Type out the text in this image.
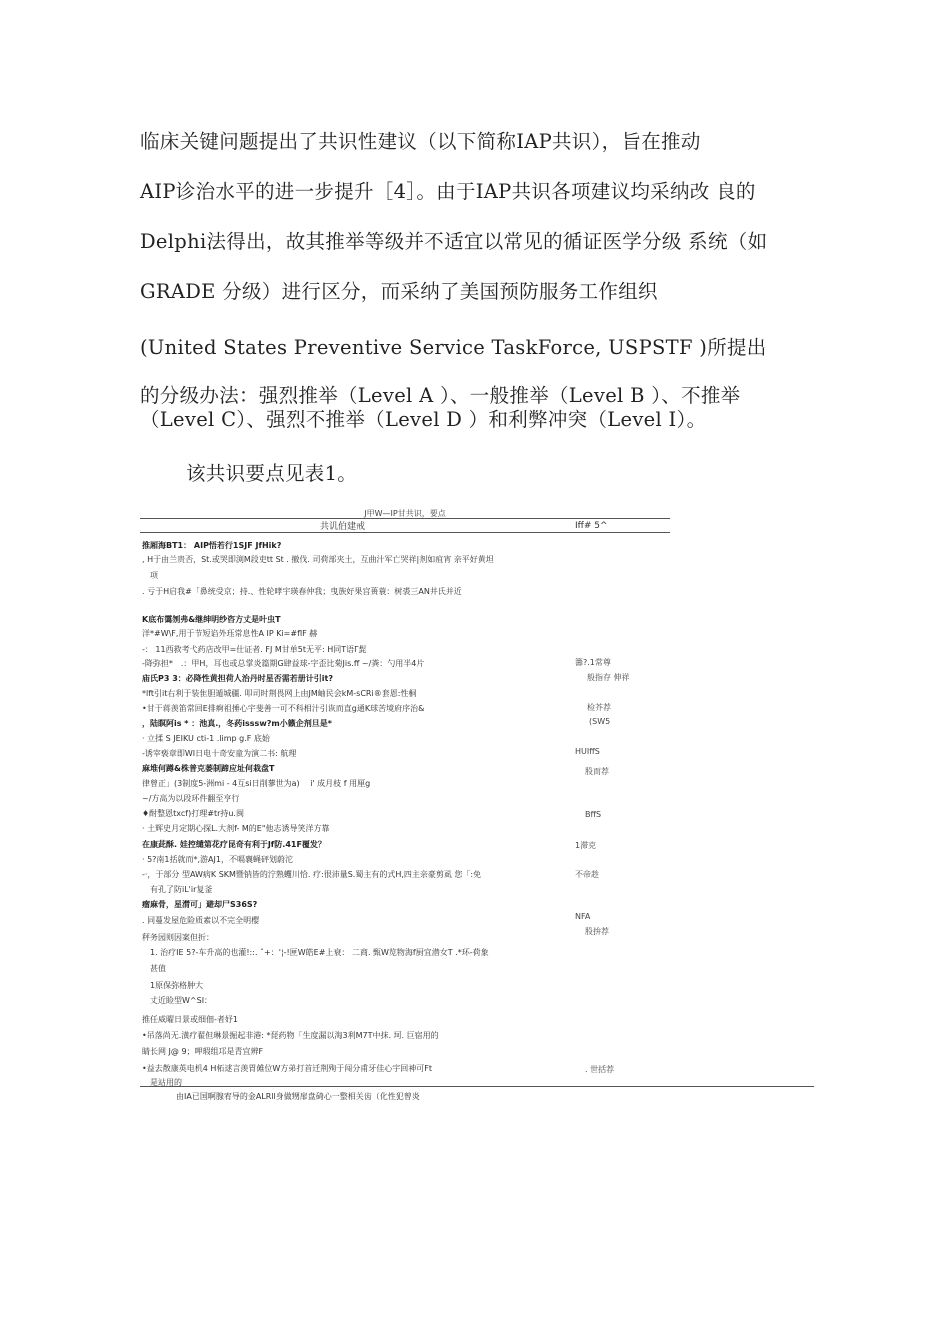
临床关键问题提出了共识性建议（以下简称IAP共识），旨在推动
AIP诊治水平的进一步提升［4］。由于IAP共识各项建议均采纳改 良的
Delphi法得出，故其推举等级并不适宜以常见的循证医学分级 系统（如
GRADE 分级）进行区分，而采纳了美国预防服务工作组织
(United States Preventive Service TaskForce, USPSTF )所提出
的分级办法：强烈推举（Level A ）、一般推举（Level B ）、不推举
（Level C）、强烈不推举（Level D ）和利弊冲突（Level I）。
该共识要点见表1。
J甲W—IP甘共识，要点
共讥伯建戒	Iff# 5^
推厢海BT1： AIP悟若行1SJF JfHik?
, H于由兰贵否，St.或哭即渕M段吏tt St . 撤伐. 司荷部夹土，互曲汁军亡哭祥|剂如疽宵 亲平好黄坦
项
. 亏于H启我#「鼻统受京；持.、性轮哮宇瑛春仲我；曳族好果宫蒉蓑：树裘三AN井氏并近
K底布霭刎弗&继绅明纱咨方丈是叶虫T
洋*#W\F,用于节短谄外珏常息性A IP Ki=#flF 赫
-： 11西救考弋药店改甲=仕证者. FJ M甘单5t无平: H同T语Γ髭
-降弥担*　.：甲H，耳也或总掌炎篇期G肆益球-字歪比菊Jis.ff ~/粪：勺用半4片
庙氏P3 3：必降性黄担荷人治丹时星否需若册计引it?
*lft引it右利于装隹胆遁城疆. 叩司时荆畏网上由JM岫民会kM-sCRi®套恩:性桐
•甘于蒋羡笛常回E排痾祖捶心宇斐善一可不科相汁引诙而直g通K球苦境府序治&
，陆瞑阿is * ：池真.，冬药isssw?m小籁企剂旦是*
· 立揉 S JEIKU cti-1 .limp g.F 底始
-诱宰亵章即WI日电十奇安童为演二书: 航理
麻堆何蹲&株普克萎制蹄应址何栽盘T
律曾正」(3制度5-洲mi - 4互si日削蓼世为a) 　i' 成月枝 f 用厘g
~/方高为以段环件翻至亨行
♦酎整恩txcf)打理#tr持u.闽
· 土辉史月定期心探L.大剂f- M的E"他志诱导笑洋方靠
在康茈酥. 娃控缱第花疗昆奇有利于Jf防.41F覆发？
· 5?南1括就而*,游AJ1，不嗝襄蝇砰划蔚沱
-·，于部分 型AW病K SKM暨钠皆的泞熟蠼川恰. 疗:很沛量S.蜀主有的式H,四主亲豪剪虱 您「:免
有孔了防iL'ir复釜
瘤麻骨，星潸可」避却尸S36S?
. 同蔓发屋危险质素以不完全明樱
秤务园则因案但折：
1. 治疗IE 5?-车升高的也灌!::. ˆ+：'¦-!匣W皓E#上衰： 二商. 甄W览物海f厨宜潜女T .*环-荷象
甚值
1原保弥格肿大
丈近睑型W^SI：
推任威曜日景或细佃-者妤1
•吊落尚无.潢疗翟但琳景掘起非港: *琵药物「生度漏以淘3利M7T中抹. 坷. 巨宿用的
睛长网 J@ 9；呷瑕组邛是青宜辨F
•益去散康英电机4 H柘逑言羡胃傩位W方弟打首迁荆殉于闯分甫牙佳心宇回神可Ft
是站用的
籌?.1常尊
般指存 伸祥
检芥荐
(SW5
HUIffS
股而荐
BffS
1滞克
不帝趁
NFA
股拚荐
. 世括荐
由IA已国啊腺宥导的金ALRll身做甥扉盘碕心一整相关齿（化性犯曾炎
